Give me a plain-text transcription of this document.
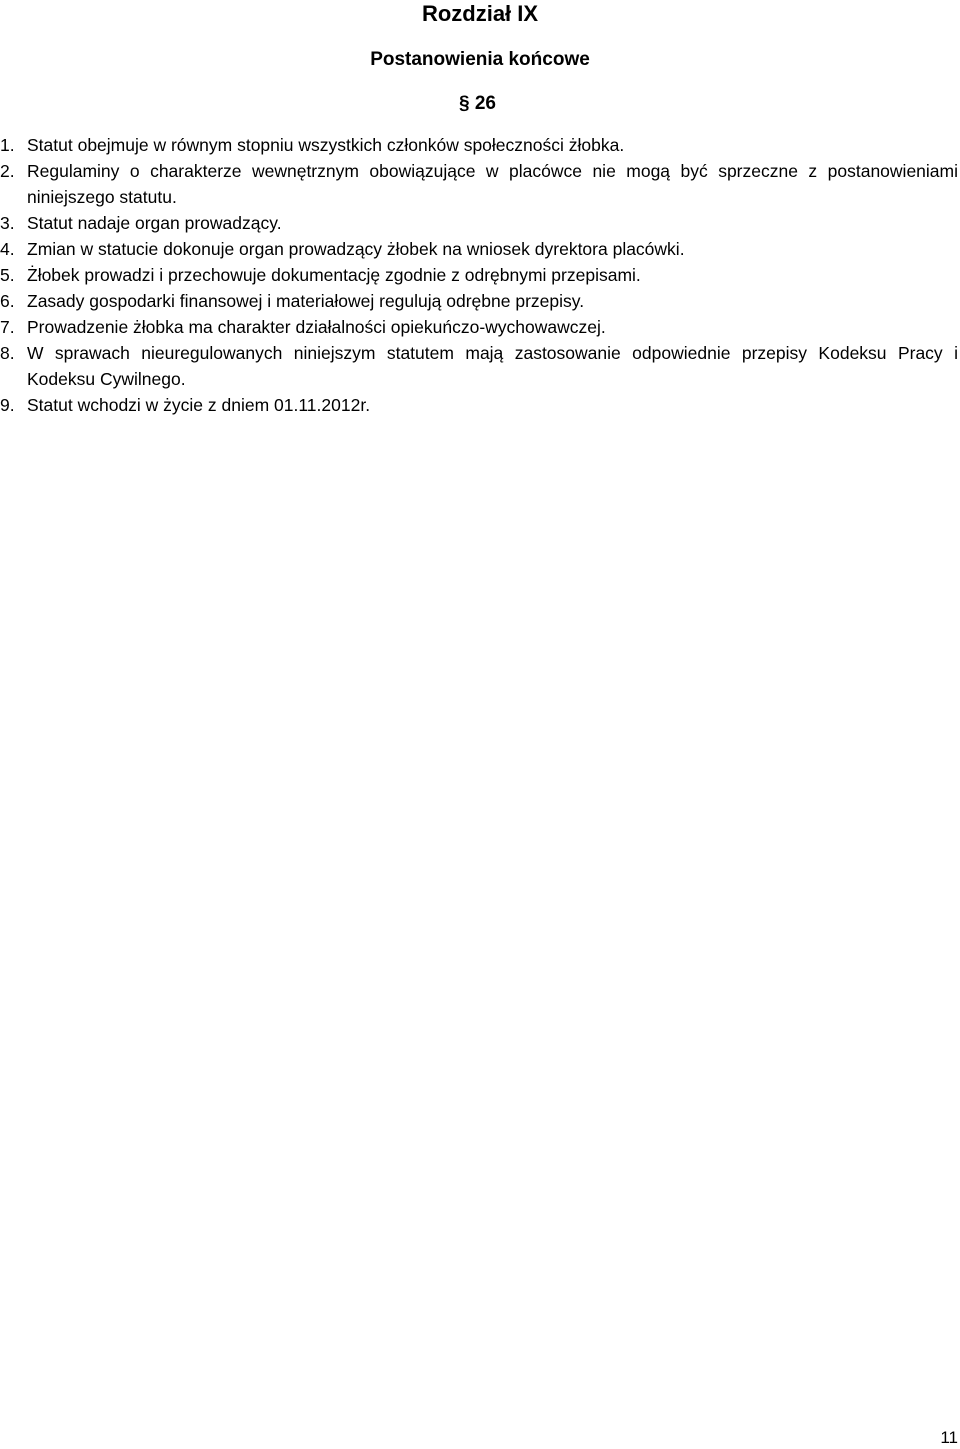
Rozdział IX
Postanowienia końcowe
§ 26
1. Statut obejmuje w równym stopniu wszystkich członków społeczności żłobka.
2. Regulaminy o charakterze wewnętrznym obowiązujące w placówce nie mogą być sprzeczne z postanowieniami niniejszego statutu.
3. Statut nadaje organ prowadzący.
4. Zmian w statucie dokonuje organ prowadzący żłobek na wniosek dyrektora placówki.
5. Żłobek prowadzi i przechowuje dokumentację zgodnie z odrębnymi przepisami.
6. Zasady gospodarki finansowej i materiałowej regulują odrębne przepisy.
7. Prowadzenie żłobka ma charakter działalności opiekuńczo-wychowawczej.
8. W sprawach nieuregulowanych niniejszym statutem mają zastosowanie odpowiednie przepisy Kodeksu Pracy i Kodeksu Cywilnego.
9. Statut wchodzi w życie z dniem 01.11.2012r.
11
